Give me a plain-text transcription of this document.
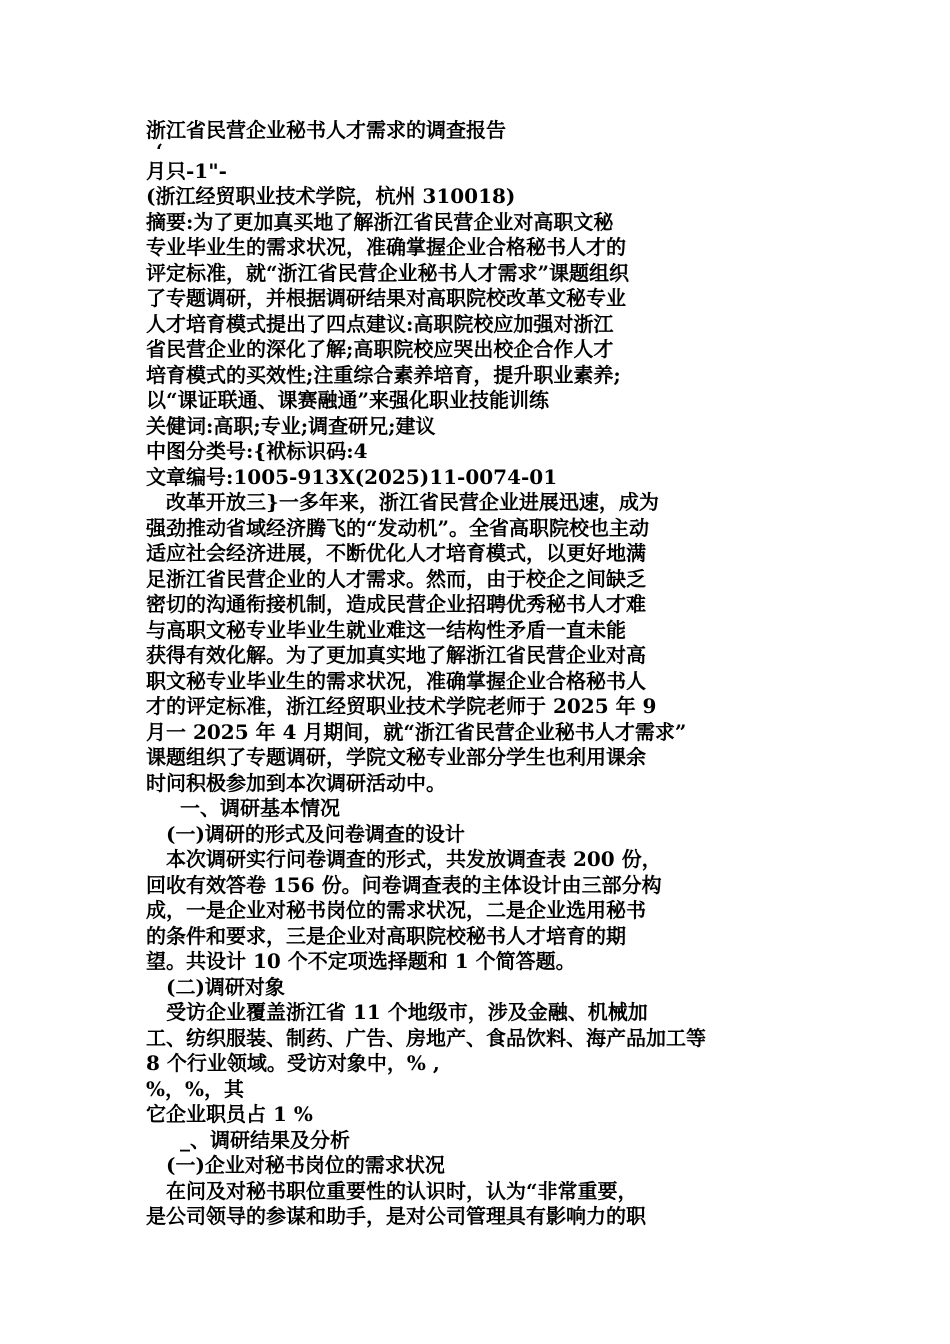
浙江省民营企业秘书人才需求的调查报告
‘
月只-1"-
(浙江经贸职业技术学院，杭州 310018)
摘要:为了更加真买地了解浙江省民营企业对高职文秘
专业毕业生的需求状况，准确掌握企业合格秘书人才的
评定标准，就“浙江省民营企业秘书人才需求”课题组织
了专题调研，并根据调研结果对高职院校改革文秘专业
人才培育模式提出了四点建议:高职院校应加强对浙江
省民营企业的深化了解;高职院校应哭出校企合作人才
培育模式的买效性;注重综合素养培育，提升职业素养;
以“课证联通、课赛融通”来强化职业技能训练
关健词:高职;专业;调查研兄;建议
中图分类号:{袱标识码:4
文章编号:1005-913X(2025)11-0074-01
改革开放三}一多年来，浙江省民营企业进展迅速，成为
强劲推动省域经济腾飞的“发动机”。全省高职院校也主动
适应社会经济进展，不断优化人才培育模式，以更好地满
足浙江省民营企业的人才需求。然而，由于校企之间缺乏
密切的沟通衔接机制，造成民营企业招聘优秀秘书人才难
与高职文秘专业毕业生就业难这一结构性矛盾一直未能
获得有效化解。为了更加真实地了解浙江省民营企业对高
职文秘专业毕业生的需求状况，准确掌握企业合格秘书人
才的评定标准，浙江经贸职业技术学院老师于 2025 年 9
月一 2025 年 4 月期间，就“浙江省民营企业秘书人才需求”
课题组织了专题调研，学院文秘专业部分学生也利用课余
时问积极参加到本次调研活动中。
一、调研基本情况
(一)调研的形式及问卷调查的设计
本次调研实行问卷调查的形式，共发放调查表 200 份，
回收有效答卷 156 份。问卷调查表的主体设计由三部分构
成，一是企业对秘书岗位的需求状况，二是企业选用秘书
的条件和要求，三是企业对高职院校秘书人才培育的期
望。共设计 10 个不定项选择题和 1 个简答题。
(二)调研对象
受访企业覆盖浙江省 11 个地级市，涉及金融、机械加
工、纺织服装、制药、广告、房地产、食品饮料、海产品加工等
8 个行业领域。受访对象中，% ,
%，%，其
它企业职员占 1 %
_、调研结果及分析
(一)企业对秘书岗位的需求状况
在问及对秘书职位重要性的认识时，认为“非常重要，
是公司领导的参谋和助手，是对公司管理具有影响力的职
